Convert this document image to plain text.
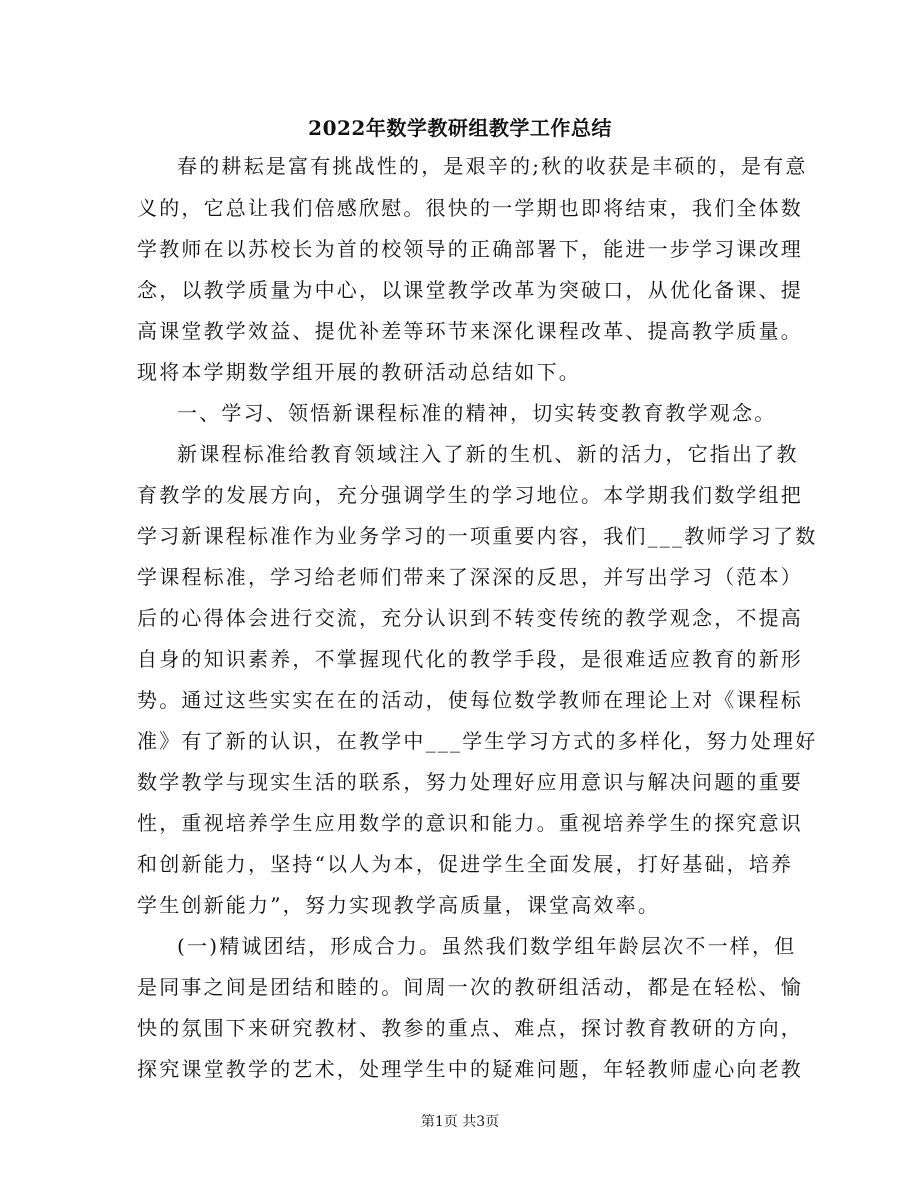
2022年数学教研组教学工作总结
春的耕耘是富有挑战性的，是艰辛的;秋的收获是丰硕的，是有意
义的，它总让我们倍感欣慰。很快的一学期也即将结束，我们全体数
学教师在以苏校长为首的校领导的正确部署下，能进一步学习课改理
念，以教学质量为中心，以课堂教学改革为突破口，从优化备课、提
高课堂教学效益、提优补差等环节来深化课程改革、提高教学质量。
现将本学期数学组开展的教研活动总结如下。
一、学习、领悟新课程标准的精神，切实转变教育教学观念。
新课程标准给教育领域注入了新的生机、新的活力，它指出了教
育教学的发展方向，充分强调学生的学习地位。本学期我们数学组把
学习新课程标准作为业务学习的一项重要内容，我们___教师学习了数
学课程标准，学习给老师们带来了深深的反思，并写出学习（范本）
后的心得体会进行交流，充分认识到不转变传统的教学观念，不提高
自身的知识素养，不掌握现代化的教学手段，是很难适应教育的新形
势。通过这些实实在在的活动，使每位数学教师在理论上对《课程标
准》有了新的认识，在教学中___学生学习方式的多样化，努力处理好
数学教学与现实生活的联系，努力处理好应用意识与解决问题的重要
性，重视培养学生应用数学的意识和能力。重视培养学生的探究意识
和创新能力，坚持“以人为本，促进学生全面发展，打好基础，培养
学生创新能力”，努力实现教学高质量，课堂高效率。
(一)精诚团结，形成合力。虽然我们数学组年龄层次不一样，但
是同事之间是团结和睦的。间周一次的教研组活动，都是在轻松、愉
快的氛围下来研究教材、教参的重点、难点，探讨教育教研的方向，
探究课堂教学的艺术，处理学生中的疑难问题，年轻教师虚心向老教
第1页 共3页
